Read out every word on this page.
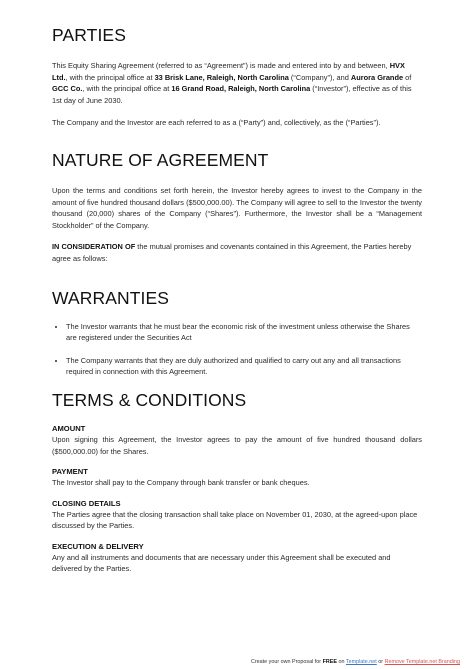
PARTIES

This Equity Sharing Agreement (referred to as “Agreement”) is made and entered into by and between, HVX Ltd., with the principal office at 33 Brisk Lane, Raleigh, North Carolina (“Company”), and Aurora Grande of GCC Co., with the principal office at 16 Grand Road, Raleigh, North Carolina (“Investor”), effective as of this 1st day of June 2030.

The Company and the Investor are each referred to as a (“Party”) and, collectively, as the (“Parties”).

NATURE OF AGREEMENT

Upon the terms and conditions set forth herein, the Investor hereby agrees to invest to the Company in the amount of five hundred thousand dollars ($500,000.00). The Company will agree to sell to the Investor the twenty thousand (20,000) shares of the Company (“Shares”). Furthermore, the Investor shall be a “Management Stockholder” of the Company.

IN CONSIDERATION OF the mutual promises and covenants contained in this Agreement, the Parties hereby agree as follows:

WARRANTIES
• The Investor warrants that he must bear the economic risk of the investment unless otherwise the Shares are registered under the Securities Act
• The Company warrants that they are duly authorized and qualified to carry out any and all transactions required in connection with this Agreement.
TERMS & CONDITIONS

AMOUNT

Upon signing this Agreement, the Investor agrees to pay the amount of five hundred thousand dollars ($500,000.00) for the Shares.

PAYMENT

The Investor shall pay to the Company through bank transfer or bank cheques.

CLOSING DETAILS

The Parties agree that the closing transaction shall take place on November 01, 2030, at the agreed-upon place discussed by the Parties.

EXECUTION & DELIVERY

Any and all instruments and documents that are necessary under this Agreement shall be executed and delivered by the Parties.

Create your own Proposal for FREE on Template.net or Remove Template.net Branding
